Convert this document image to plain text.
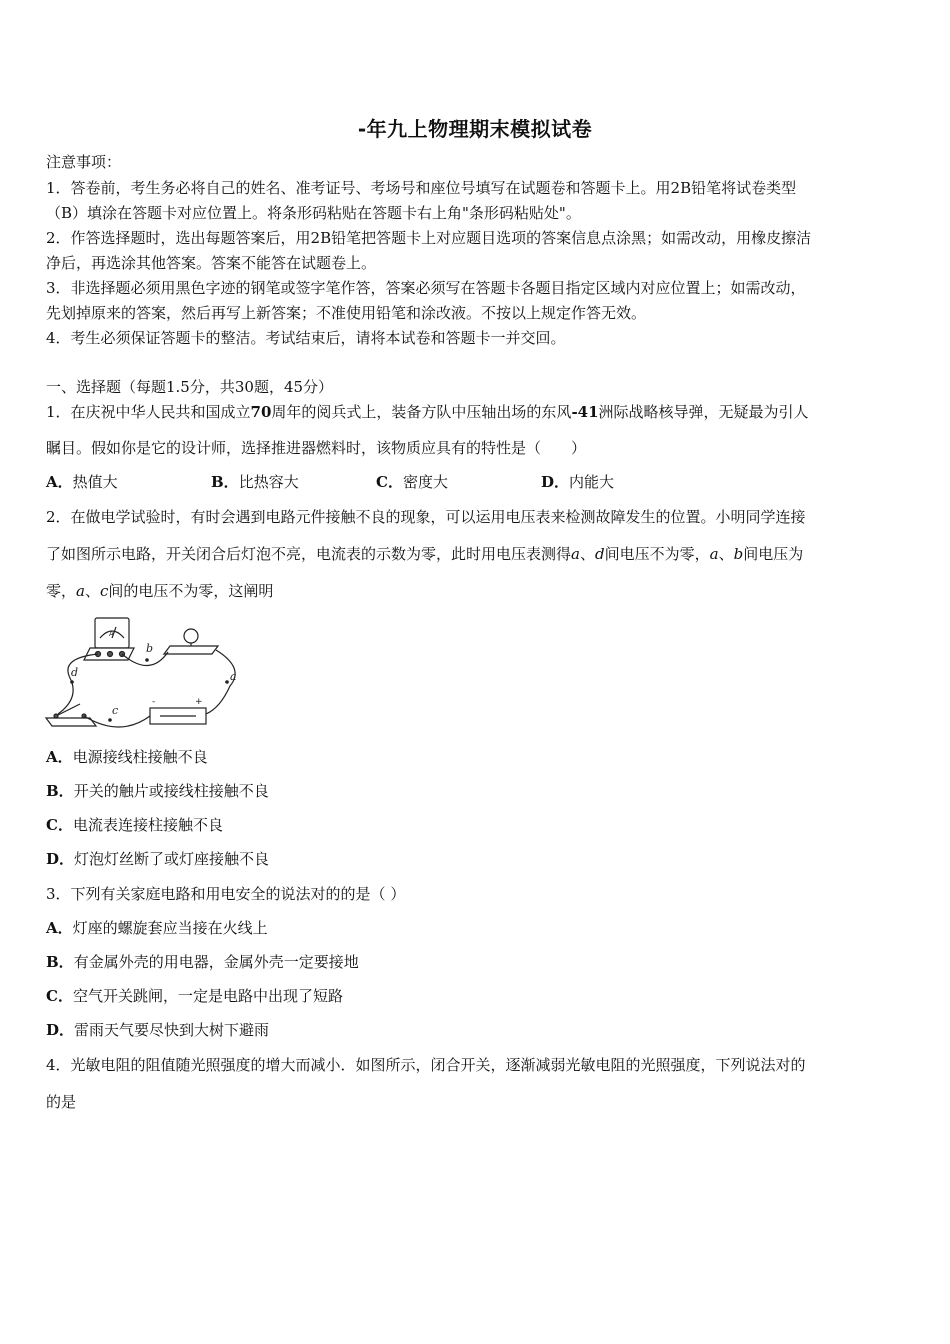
-年九上物理期末模拟试卷
注意事项：
1．答卷前，考生务必将自己的姓名、准考证号、考场号和座位号填写在试题卷和答题卡上。用2B铅笔将试卷类型
（B）填涂在答题卡对应位置上。将条形码粘贴在答题卡右上角"条形码粘贴处"。
2．作答选择题时，选出每题答案后，用2B铅笔把答题卡上对应题目选项的答案信息点涂黑；如需改动，用橡皮擦洁
净后，再选涂其他答案。答案不能答在试题卷上。
3．非选择题必须用黑色字迹的钢笔或签字笔作答，答案必须写在答题卡各题目指定区域内对应位置上；如需改动，
先划掉原来的答案，然后再写上新答案；不准使用铅笔和涂改液。不按以上规定作答无效。
4．考生必须保证答题卡的整洁。考试结束后，请将本试卷和答题卡一并交回。
一、选择题（每题1.5分，共30题，45分）
1．在庆祝中华人民共和国成立70周年的阅兵式上，装备方队中压轴出场的东风-41洲际战略核导弹，无疑最为引人
瞩目。假如你是它的设计师，选择推进器燃料时，该物质应具有的特性是（　　）
A．热值大	B．比热容大	C．密度大	D．内能大
2．在做电学试验时，有时会遇到电路元件接触不良的现象，可以运用电压表来检测故障发生的位置。小明同学连接
了如图所示电路，开关闭合后灯泡不亮，电流表的示数为零，此时用电压表测得a、d间电压不为零，a、b间电压为
零，a、c间的电压不为零，这阐明
b
a
c
d
-	+
A
A．电源接线柱接触不良
B．开关的触片或接线柱接触不良
C．电流表连接柱接触不良
D．灯泡灯丝断了或灯座接触不良
3．下列有关家庭电路和用电安全的说法对的的是（ ）
A．灯座的螺旋套应当接在火线上
B．有金属外壳的用电器，金属外壳一定要接地
C．空气开关跳闸，一定是电路中出现了短路
D．雷雨天气要尽快到大树下避雨
4．光敏电阻的阻值随光照强度的增大而减小．如图所示，闭合开关，逐渐减弱光敏电阻的光照强度，下列说法对的
的是
